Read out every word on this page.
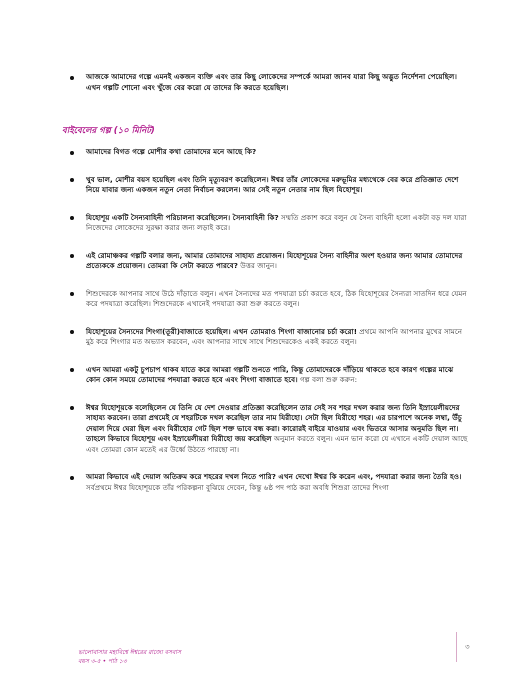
আজকে আমাদের গল্পে এমনই একজন ব্যক্তি এবং তার কিছু লোকেদের সম্পর্কে আমরা জানব যারা কিছু অদ্ভুত নির্দেশনা পেয়েছিল। এখন গল্পটি শোনো এবং খুঁজে বের করো যে তাদের কি করতে হয়েছিল।
বাইবেলের গল্প (১০ মিনিট)
আমাদের বিগত গল্পে মোশীর কথা তোমাদের মনে আছে কি?
খুব ভাল, মোশীর বয়স হয়েছিল এবং তিনি মৃত্যুবরণ করেছিলেন। ঈশ্বর তাঁর লোকেদের মরুভূমির মধ্যথেকে বের করে প্রতিজ্ঞাত দেশে নিয়ে যাবার জন্য একজন নতুন নেতা নির্বাচন করলেন। আর সেই নতুন নেতার নাম ছিল যিহোশূয়।
যিহোশূয় একটি সৈন্যবাহিনী পরিচালনা করেছিলেন। সৈন্যবাহিনী কি? সম্মতি প্রকাশ করে বলুন যে সৈন্য বাহিনী হলো একটা বড় দল যারা নিজেদের লোকেদের সুরক্ষা করার জন্য লড়াই করে।
এই রোমাঞ্চকর গল্পটি বলার জন্য, আমার তোমাদের সাহায্য প্রয়োজন। যিহোশূয়ের সৈন্য বাহিনীর অংশ হওয়ার জন্য আমার তোমাদের প্রত্যেককে প্রয়োজন। তোমরা কি সেটা করতে পারবে? উত্তর জানুন।
শিশুদেরকে আপনার সাথে উঠে দাঁড়াতে বলুন। এখন সৈন্যদের মত পদযাত্রা চর্চা করতে হবে, ঠিক যিহোশূয়ের সৈন্যরা সাতদিন ধরে যেমন করে পদযাত্রা করেছিল। শিশুদেরকে এখানেই পদযাত্রা করা শুরু করতে বলুন।
যিহোশূয়ের সৈন্যদের শিংগা(তূরী)বাজাতে হয়েছিল। এখন তোমরাও শিংগা বাজানোর চর্চা করো! প্রথমে আপনি আপনার মুখের সামনে মুঠ করে শিংগার মত অভ্যাস করবেন, এবং আপনার সাথে সাথে শিশুদেরকেও একই করতে বলুন।
এখন আমরা একটু চুপচাপ থাকব যাতে করে আমরা গল্পটি শুনতে পারি, কিন্তু তোমাদেরকে দাঁড়িয়ে থাকতে হবে কারণ গল্পের মাঝে কোন কোন সময়ে তোমাদের পদযাত্রা করতে হবে এবং শিংগা বাজাতে হবে। গল্প বলা শুরু করুন:
ঈশ্বর যিহোশূয়কে বলেছিলেন যে তিনি যে দেশ দেওয়ার প্রতিজ্ঞা করেছিলেন তার সেই সব শহর দখল করার জন্য তিনি ইস্রায়েলীয়দের সাহায্য করবেন। তারা প্রথমেই যে শহরটিকে দখল করেছিল তার নাম যিরীহো। সেটা ছিল যিরীহো শহর। এর চারপাশে অনেক লম্বা, উঁচু দেয়াল দিয়ে ঘেরা ছিল এবং যিরীহোর গেট ছিল শক্ত ভাবে বন্ধ করা। কারোরই বাইরে যাওয়ার এবং ভিতরে আসার অনুমতি ছিল না। তাহলে কিভাবে যিহোশূয় এবং ইস্রায়েলীয়রা যিরীহো জয় করেছিল অনুমান করতে বলুন। এমন ভান করো যে এখানে একটি দেয়াল আছে এবং তোমরা কোন মতেই এর উর্ধ্বে উঠতে পারছো না।
আমরা কিভাবে এই দেয়াল অতিক্রম করে শহরের দখল নিতে পারি? এখন দেখো ঈশ্বর কি করেন এবং, পদযাত্রা করার জন্য তৈরি হও। সর্বপ্রথমে ঈশ্বর যিহোশূয়কে তাঁর পরিকল্পনা বুঝিয়ে দেবেন, কিন্তু ৬ষ্ঠ পদ পাঠ করা অবধি শিশুরা তাদের শিংগা
ভালোবাসার মহাবিশ্বে ঈশ্বরের রাজ্যে বসবাস
বয়স ৩-৫ • পাঠ ১৩
৩
